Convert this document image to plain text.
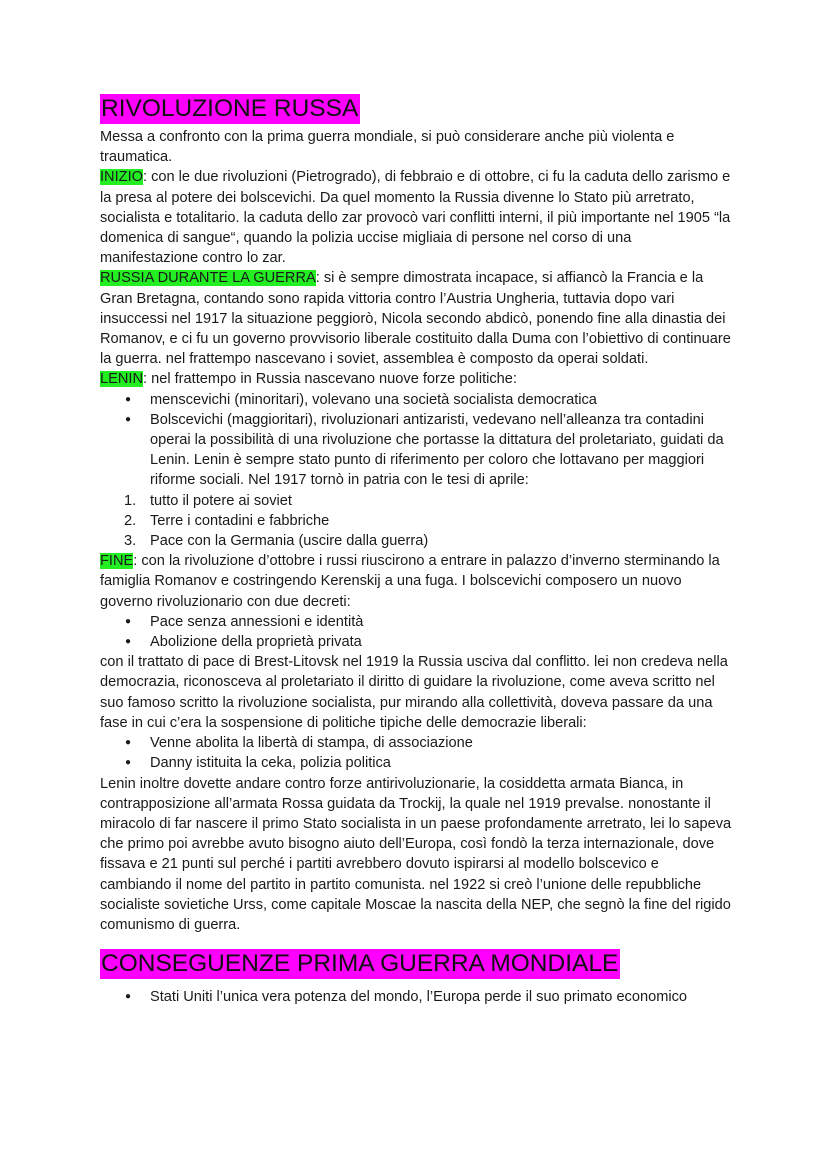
RIVOLUZIONE RUSSA

Messa a confronto con la prima guerra mondiale, si può considerare anche più violenta e traumatica.

INIZIO: con le due rivoluzioni (Pietrogrado), di febbraio e di ottobre, ci fu la caduta dello zarismo e la presa al potere dei bolscevichi. Da quel momento la Russia divenne lo Stato più arretrato, socialista e totalitario. la caduta dello zar provocò vari conflitti interni, il più importante nel 1905 “la domenica di sangue“, quando la polizia uccise migliaia di persone nel corso di una manifestazione contro lo zar.

RUSSIA DURANTE LA GUERRA: si è sempre dimostrata incapace, si affiancò la Francia e la Gran Bretagna, contando sono rapida vittoria contro l’Austria Ungheria, tuttavia dopo vari insuccessi nel 1917 la situazione peggiorò, Nicola secondo abdicò, ponendo fine alla dinastia dei Romanov, e ci fu un governo provvisorio liberale costituito dalla Duma con l’obiettivo di continuare la guerra. nel frattempo nascevano i soviet, assemblea è composto da operai soldati.

LENIN: nel frattempo in Russia nascevano nuove forze politiche:

● menscevichi (minoritari), volevano una società socialista democratica
● Bolscevichi (maggioritari), rivoluzionari antizaristi, vedevano nell’alleanza tra contadini operai la possibilità di una rivoluzione che portasse la dittatura del proletariato, guidati da Lenin. Lenin è sempre stato punto di riferimento per coloro che lottavano per maggiori riforme sociali. Nel 1917 tornò in patria con le tesi di aprile:
1. tutto il potere ai soviet
2. Terre i contadini e fabbriche
3. Pace con la Germania (uscire dalla guerra)

FINE: con la rivoluzione d’ottobre i russi riuscirono a entrare in palazzo d’inverno sterminando la famiglia Romanov e costringendo Kerenskij a una fuga. I bolscevichi composero un nuovo governo rivoluzionario con due decreti:

● Pace senza annessioni e identità
● Abolizione della proprietà privata

con il trattato di pace di Brest-Litovsk nel 1919 la Russia usciva dal conflitto. lei non credeva nella democrazia, riconosceva al proletariato il diritto di guidare la rivoluzione, come aveva scritto nel suo famoso scritto la rivoluzione socialista, pur mirando alla collettività, doveva passare da una fase in cui c’era la sospensione di politiche tipiche delle democrazie liberali:

● Venne abolita la libertà di stampa, di associazione
● Danny istituita la ceka, polizia politica

Lenin inoltre dovette andare contro forze antirivoluzionarie, la cosiddetta armata Bianca, in contrapposizione all’armata Rossa guidata da Trockij, la quale nel 1919 prevalse. nonostante il miracolo di far nascere il primo Stato socialista in un paese profondamente arretrato, lei lo sapeva che primo poi avrebbe avuto bisogno aiuto dell’Europa, così fondò la terza internazionale, dove fissava e 21 punti sul perché i partiti avrebbero dovuto ispirarsi al modello bolscevico e cambiando il nome del partito in partito comunista. nel 1922 si creò l’unione delle repubbliche socialiste sovietiche Urss, come capitale Moscae la nascita della NEP, che segnò la fine del rigido comunismo di guerra.

CONSEGUENZE PRIMA GUERRA MONDIALE
● Stati Uniti l’unica vera potenza del mondo, l’Europa perde il suo primato economico
